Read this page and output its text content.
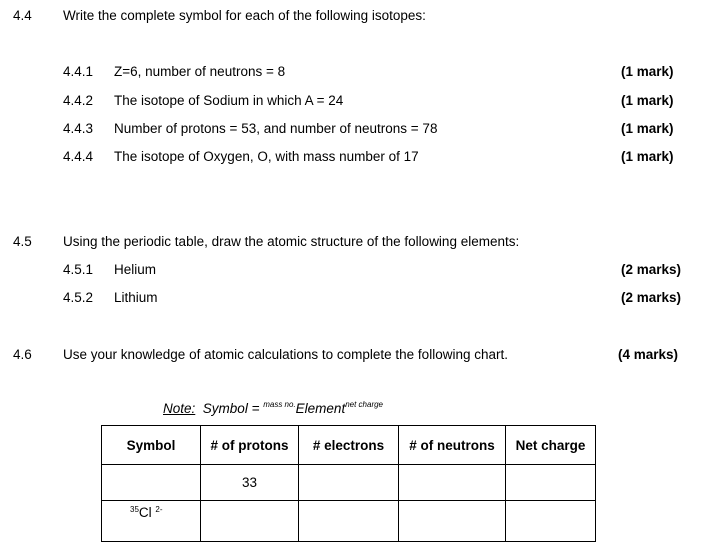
4.4 Write the complete symbol for each of the following isotopes:
4.4.1 Z=6, number of neutrons = 8	(1 mark)
4.4.2 The isotope of Sodium in which A = 24	(1 mark)
4.4.3 Number of protons = 53, and number of neutrons = 78	(1 mark)
4.4.4 The isotope of Oxygen, O, with mass number of 17	(1 mark)
4.5 Using the periodic table, draw the atomic structure of the following elements:
4.5.1 Helium	(2 marks)
4.5.2 Lithium	(2 marks)
4.6 Use your knowledge of atomic calculations to complete the following chart.	(4 marks)
Note: Symbol = $^{mass no.}$Element$^{net charge}$
Symbol	# of protons	# electrons	# of neutrons	Net charge
	33			
$^{35}$Cl $^{2-}$				
